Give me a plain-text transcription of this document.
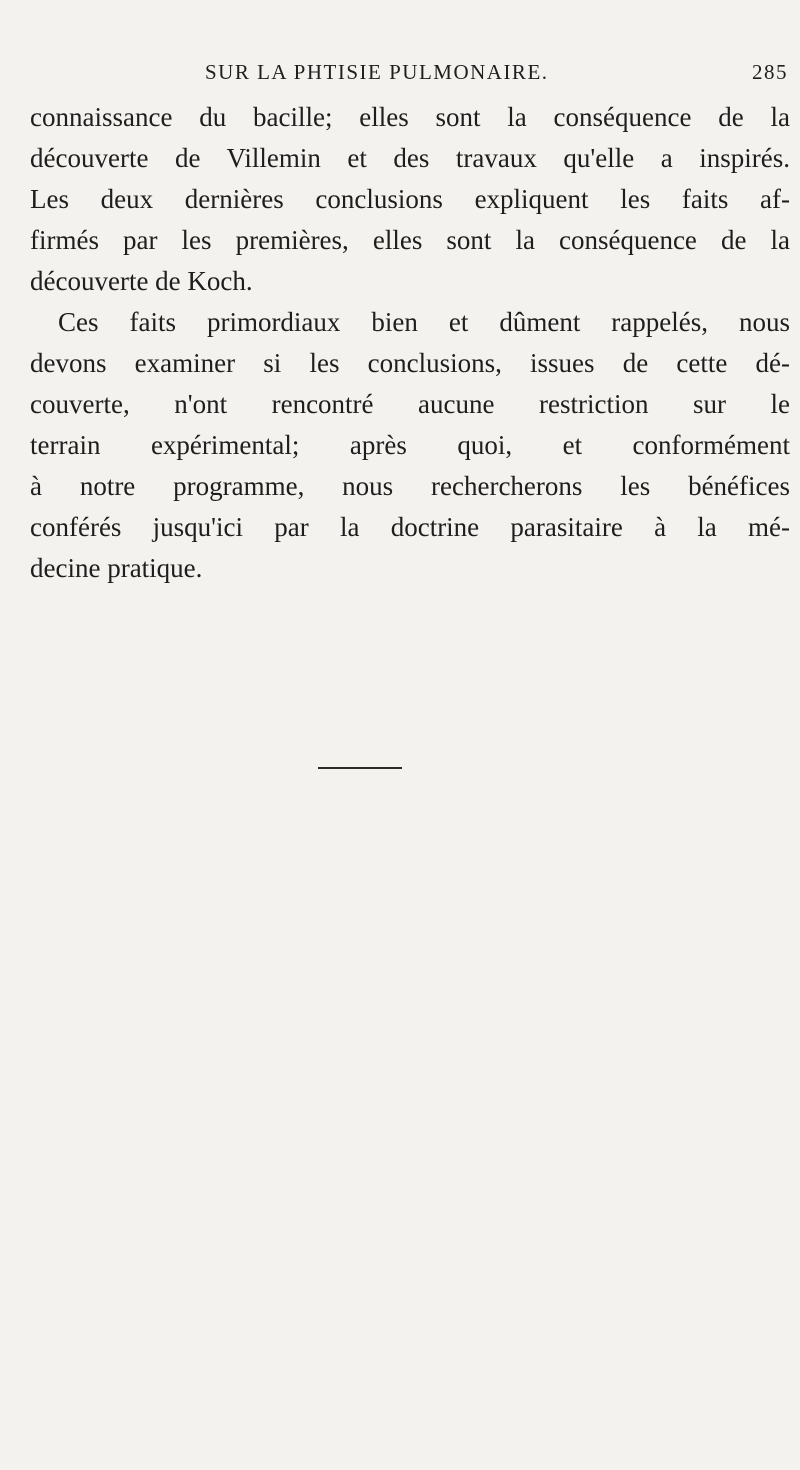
SUR LA PHTISIE PULMONAIRE.	285
connaissance du bacille; elles sont la conséquence de la
découverte de Villemin et des travaux qu'elle a inspirés.
Les deux dernières conclusions expliquent les faits af-
firmés par les premières, elles sont la conséquence de la
découverte de Koch.
Ces faits primordiaux bien et dûment rappelés, nous
devons examiner si les conclusions, issues de cette dé-
couverte, n'ont rencontré aucune restriction sur le
terrain expérimental; après quoi, et conformément
à notre programme, nous rechercherons les bénéfices
conférés jusqu'ici par la doctrine parasitaire à la mé-
decine pratique.
